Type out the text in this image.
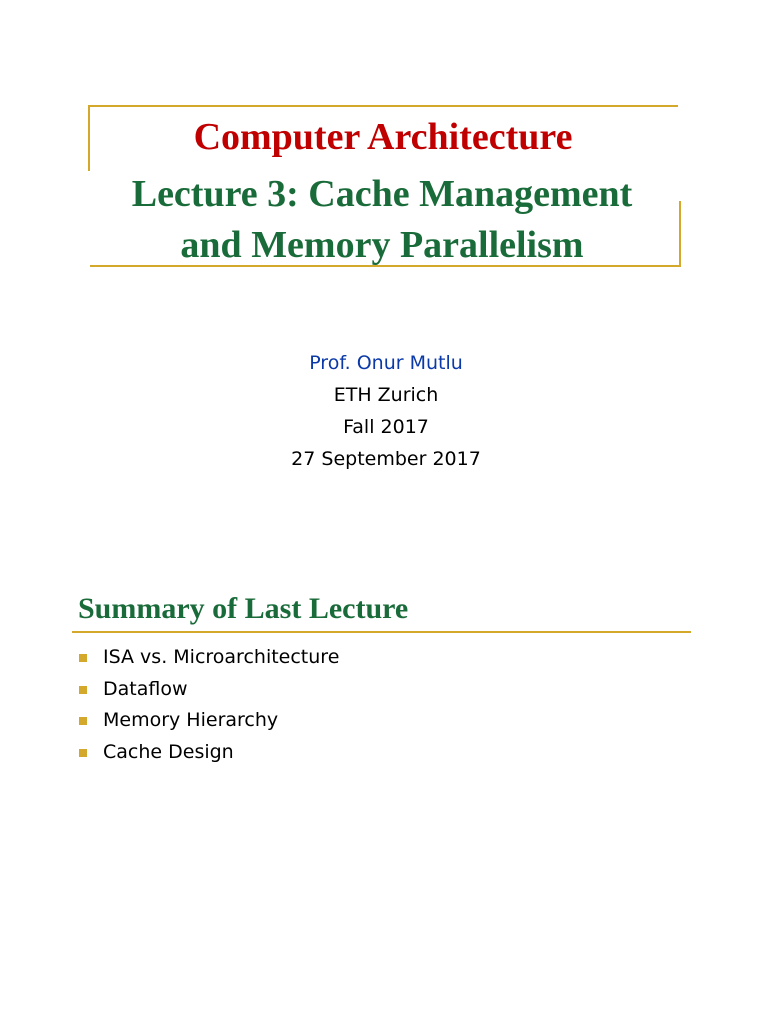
Computer Architecture
Lecture 3: Cache Management
and Memory Parallelism
Prof. Onur Mutlu
ETH Zurich
Fall 2017
27 September 2017
Summary of Last Lecture
ISA vs. Microarchitecture
Dataflow
Memory Hierarchy
Cache Design
